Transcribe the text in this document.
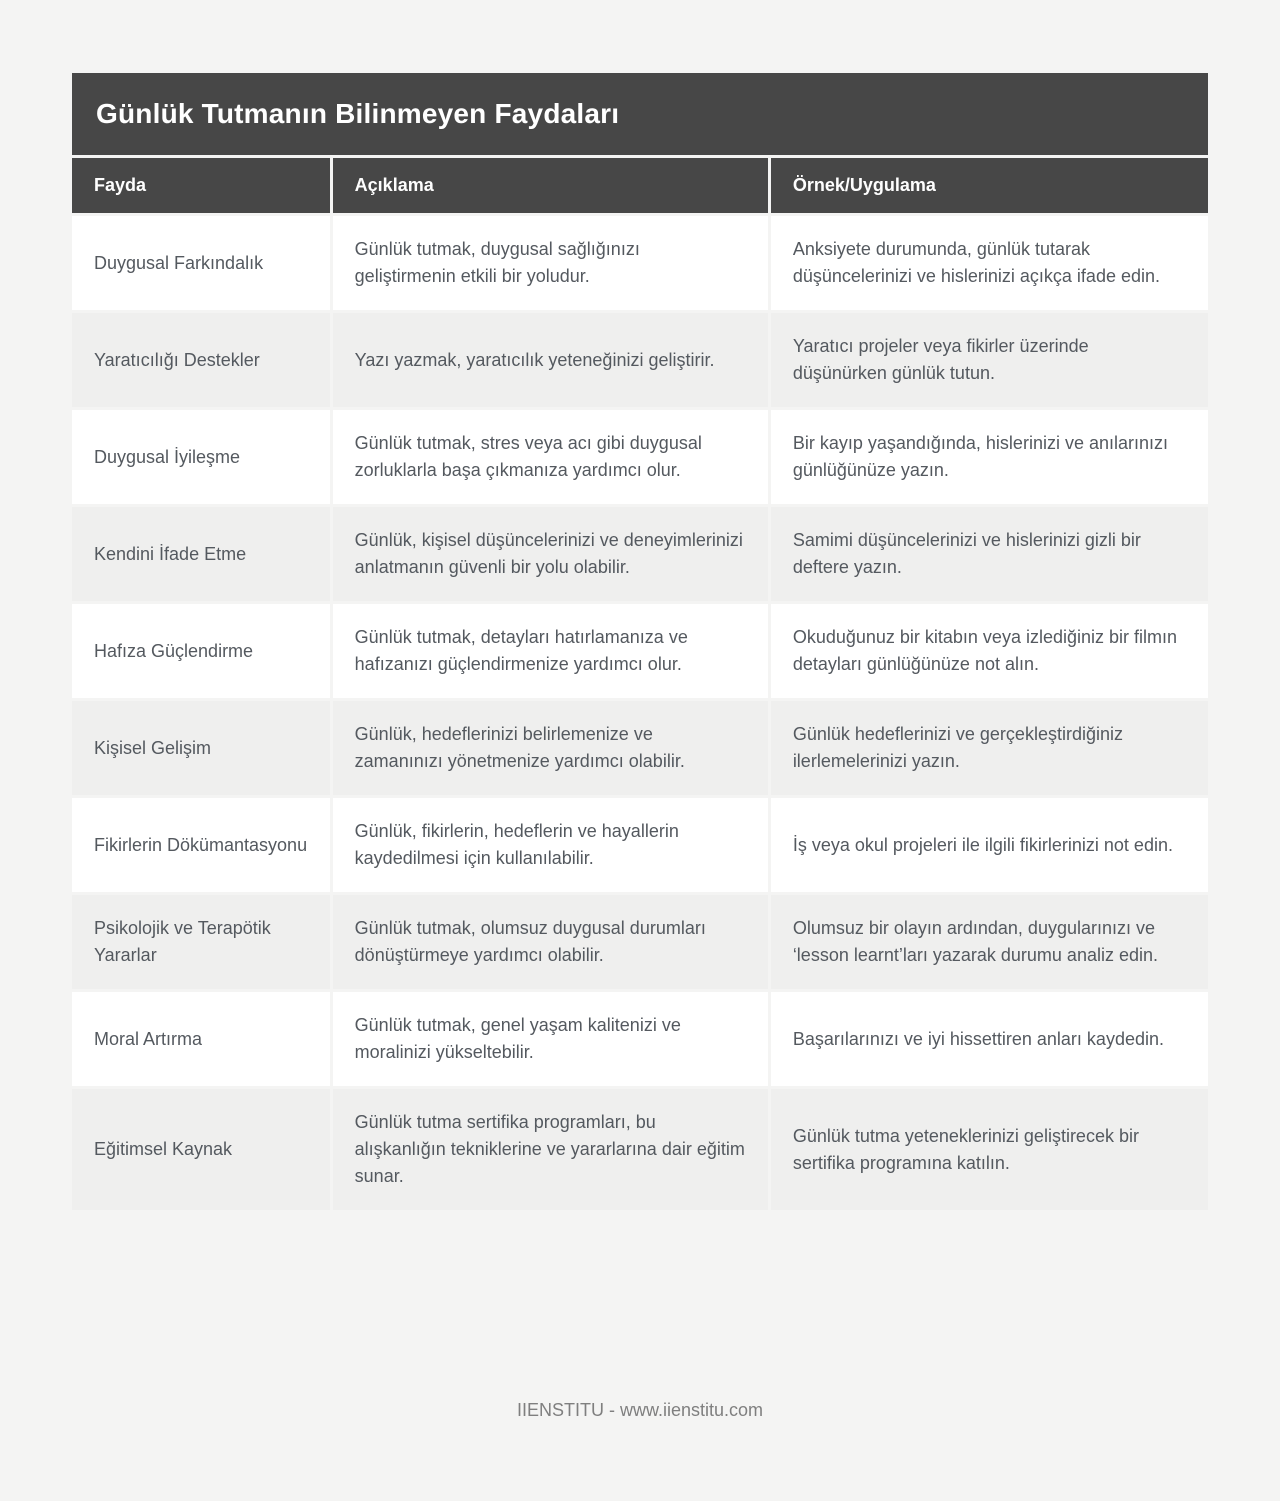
Günlük Tutmanın Bilinmeyen Faydaları
Fayda	Açıklama	Örnek/Uygulama
Duygusal Farkındalık	Günlük tutmak, duygusal sağlığınızı geliştirmenin etkili bir yoludur.	Anksiyete durumunda, günlük tutarak düşüncelerinizi ve hislerinizi açıkça ifade edin.
Yaratıcılığı Destekler	Yazı yazmak, yaratıcılık yeteneğinizi geliştirir.	Yaratıcı projeler veya fikirler üzerinde düşünürken günlük tutun.
Duygusal İyileşme	Günlük tutmak, stres veya acı gibi duygusal zorluklarla başa çıkmanıza yardımcı olur.	Bir kayıp yaşandığında, hislerinizi ve anılarınızı günlüğünüze yazın.
Kendini İfade Etme	Günlük, kişisel düşüncelerinizi ve deneyimlerinizi anlatmanın güvenli bir yolu olabilir.	Samimi düşüncelerinizi ve hislerinizi gizli bir deftere yazın.
Hafıza Güçlendirme	Günlük tutmak, detayları hatırlamanıza ve hafızanızı güçlendirmenize yardımcı olur.	Okuduğunuz bir kitabın veya izlediğiniz bir filmın detayları günlüğünüze not alın.
Kişisel Gelişim	Günlük, hedeflerinizi belirlemenize ve zamanınızı yönetmenize yardımcı olabilir.	Günlük hedeflerinizi ve gerçekleştirdiğiniz ilerlemelerinizi yazın.
Fikirlerin Dökümantasyonu	Günlük, fikirlerin, hedeflerin ve hayallerin kaydedilmesi için kullanılabilir.	İş veya okul projeleri ile ilgili fikirlerinizi not edin.
Psikolojik ve Terapötik Yararlar	Günlük tutmak, olumsuz duygusal durumları dönüştürmeye yardımcı olabilir.	Olumsuz bir olayın ardından, duygularınızı ve ‘lesson learnt’ları yazarak durumu analiz edin.
Moral Artırma	Günlük tutmak, genel yaşam kalitenizi ve moralinizi yükseltebilir.	Başarılarınızı ve iyi hissettiren anları kaydedin.
Eğitimsel Kaynak	Günlük tutma sertifika programları, bu alışkanlığın tekniklerine ve yararlarına dair eğitim sunar.	Günlük tutma yeteneklerinizi geliştirecek bir sertifika programına katılın.
IIENSTITU - www.iienstitu.com
